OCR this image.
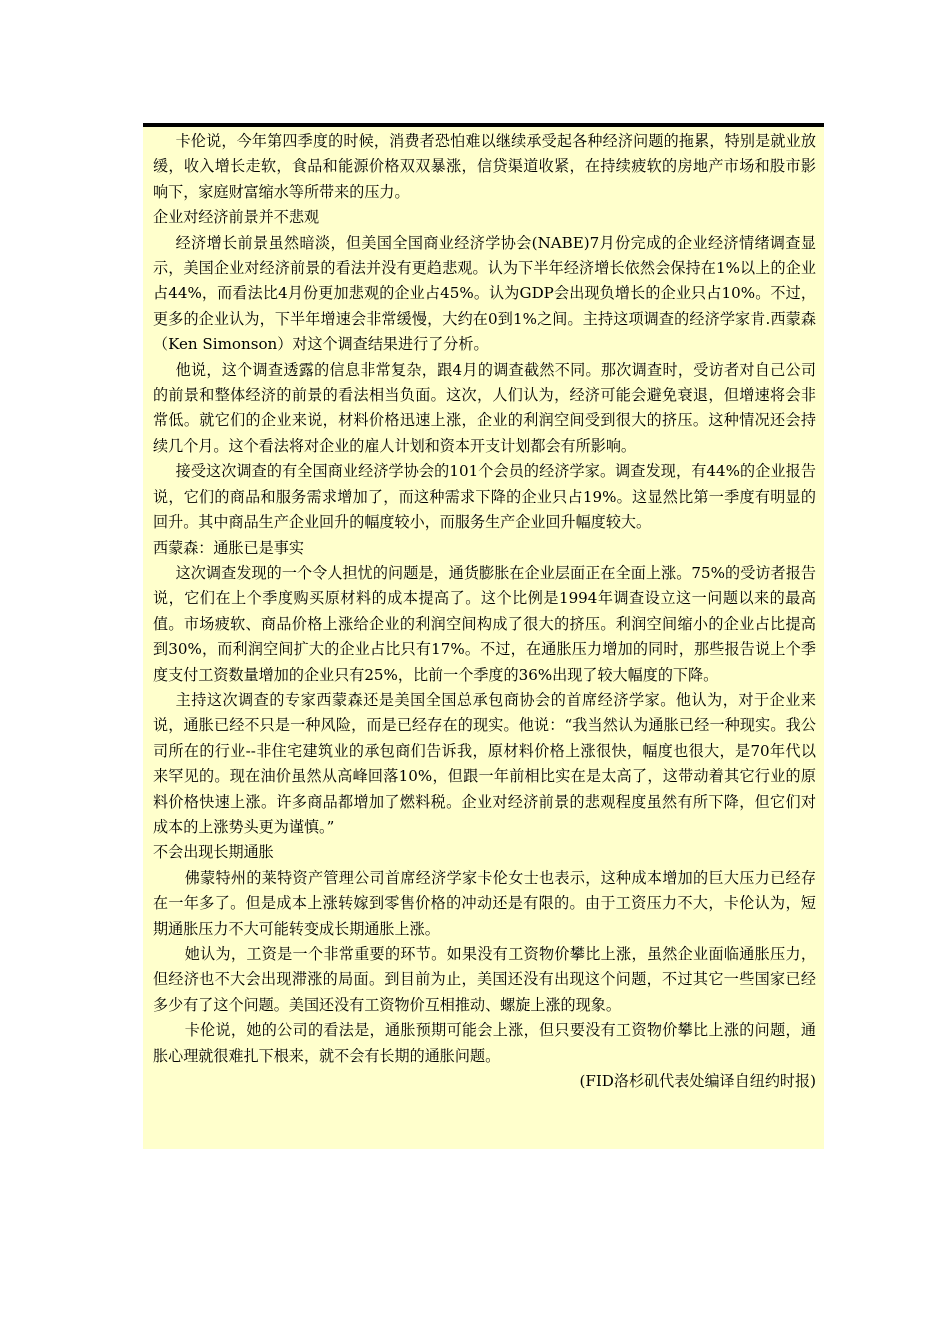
卡伦说，今年第四季度的时候，消费者恐怕难以继续承受起各种经济问题的拖累，特别是就业放缓，收入增长走软，食品和能源价格双双暴涨，信贷渠道收紧，在持续疲软的房地产市场和股市影响下，家庭财富缩水等所带来的压力。

企业对经济前景并不悲观

经济增长前景虽然暗淡，但美国全国商业经济学协会(NABE)7月份完成的企业经济情绪调查显示，美国企业对经济前景的看法并没有更趋悲观。认为下半年经济增长依然会保持在1%以上的企业占44%，而看法比4月份更加悲观的企业占45%。认为GDP会出现负增长的企业只占10%。不过，更多的企业认为，下半年增速会非常缓慢，大约在0到1%之间。主持这项调查的经济学家肯.西蒙森（Ken Simonson）对这个调查结果进行了分析。

他说，这个调查透露的信息非常复杂，跟4月的调查截然不同。那次调查时，受访者对自己公司的前景和整体经济的前景的看法相当负面。这次，人们认为，经济可能会避免衰退，但增速将会非常低。就它们的企业来说，材料价格迅速上涨，企业的利润空间受到很大的挤压。这种情况还会持续几个月。这个看法将对企业的雇人计划和资本开支计划都会有所影响。

接受这次调查的有全国商业经济学协会的101个会员的经济学家。调查发现，有44%的企业报告说，它们的商品和服务需求增加了，而这种需求下降的企业只占19%。这显然比第一季度有明显的回升。其中商品生产企业回升的幅度较小，而服务生产企业回升幅度较大。

西蒙森：通胀已是事实

这次调查发现的一个令人担忧的问题是，通货膨胀在企业层面正在全面上涨。75%的受访者报告说，它们在上个季度购买原材料的成本提高了。这个比例是1994年调查设立这一问题以来的最高值。市场疲软、商品价格上涨给企业的利润空间构成了很大的挤压。利润空间缩小的企业占比提高到30%，而利润空间扩大的企业占比只有17%。不过，在通胀压力增加的同时，那些报告说上个季度支付工资数量增加的企业只有25%，比前一个季度的36%出现了较大幅度的下降。

主持这次调查的专家西蒙森还是美国全国总承包商协会的首席经济学家。他认为，对于企业来说，通胀已经不只是一种风险，而是已经存在的现实。他说：“我当然认为通胀已经一种现实。我公司所在的行业--非住宅建筑业的承包商们告诉我，原材料价格上涨很快，幅度也很大，是70年代以来罕见的。现在油价虽然从高峰回落10%，但跟一年前相比实在是太高了，这带动着其它行业的原料价格快速上涨。许多商品都增加了燃料税。企业对经济前景的悲观程度虽然有所下降，但它们对成本的上涨势头更为谨慎。”

不会出现长期通胀

佛蒙特州的莱特资产管理公司首席经济学家卡伦女士也表示，这种成本增加的巨大压力已经存在一年多了。但是成本上涨转嫁到零售价格的冲动还是有限的。由于工资压力不大，卡伦认为，短期通胀压力不大可能转变成长期通胀上涨。

她认为，工资是一个非常重要的环节。如果没有工资物价攀比上涨，虽然企业面临通胀压力，但经济也不大会出现滞涨的局面。到目前为止，美国还没有出现这个问题，不过其它一些国家已经多少有了这个问题。美国还没有工资物价互相推动、螺旋上涨的现象。

卡伦说，她的公司的看法是，通胀预期可能会上涨，但只要没有工资物价攀比上涨的问题，通胀心理就很难扎下根来，就不会有长期的通胀问题。

(FID洛杉矶代表处编译自纽约时报)
